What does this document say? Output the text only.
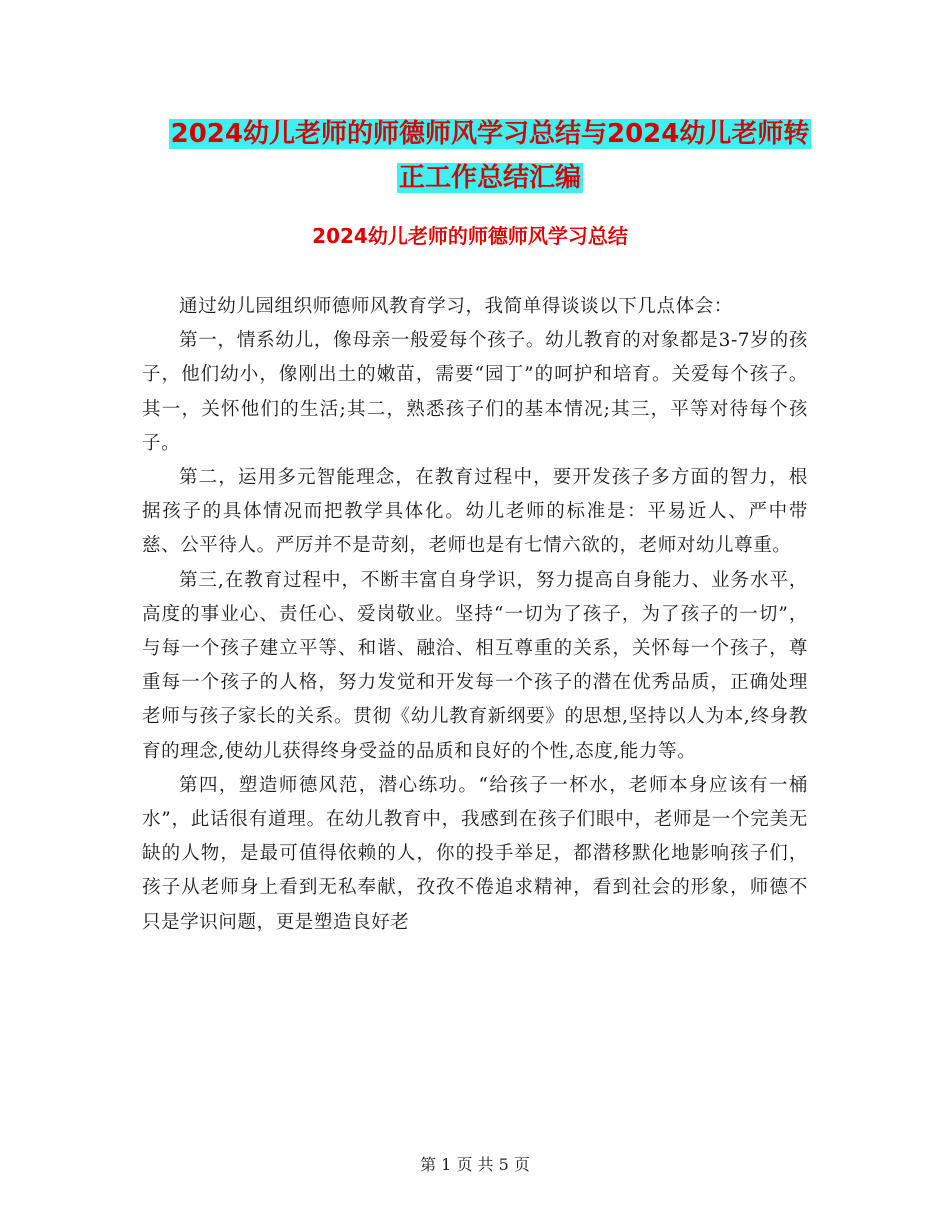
2024幼儿老师的师德师风学习总结与2024幼儿老师转
正工作总结汇编
2024幼儿老师的师德师风学习总结

通过幼儿园组织师德师风教育学习，我简单得谈谈以下几点体会：

第一，情系幼儿，像母亲一般爱每个孩子。幼儿教育的对象都是3-7岁的孩子，他们幼小，像刚出土的嫩苗，需要“园丁”的呵护和培育。关爱每个孩子。其一，关怀他们的生活;其二，熟悉孩子们的基本情况;其三，平等对待每个孩子。

第二，运用多元智能理念，在教育过程中，要开发孩子多方面的智力，根据孩子的具体情况而把教学具体化。幼儿老师的标准是：平易近人、严中带慈、公平待人。严厉并不是苛刻，老师也是有七情六欲的，老师对幼儿尊重。

第三,在教育过程中，不断丰富自身学识，努力提高自身能力、业务水平，高度的事业心、责任心、爱岗敬业。坚持“一切为了孩子，为了孩子的一切”，与每一个孩子建立平等、和谐、融洽、相互尊重的关系，关怀每一个孩子，尊重每一个孩子的人格，努力发觉和开发每一个孩子的潜在优秀品质，正确处理老师与孩子家长的关系。贯彻《幼儿教育新纲要》的思想,坚持以人为本,终身教育的理念,使幼儿获得终身受益的品质和良好的个性,态度,能力等。

第四，塑造师德风范，潜心练功。“给孩子一杯水，老师本身应该有一桶水”，此话很有道理。在幼儿教育中，我感到在孩子们眼中，老师是一个完美无缺的人物，是最可值得依赖的人，你的投手举足，都潜移默化地影响孩子们，孩子从老师身上看到无私奉献，孜孜不倦追求精神，看到社会的形象，师德不只是学识问题，更是塑造良好老

第 1 页 共 5 页
